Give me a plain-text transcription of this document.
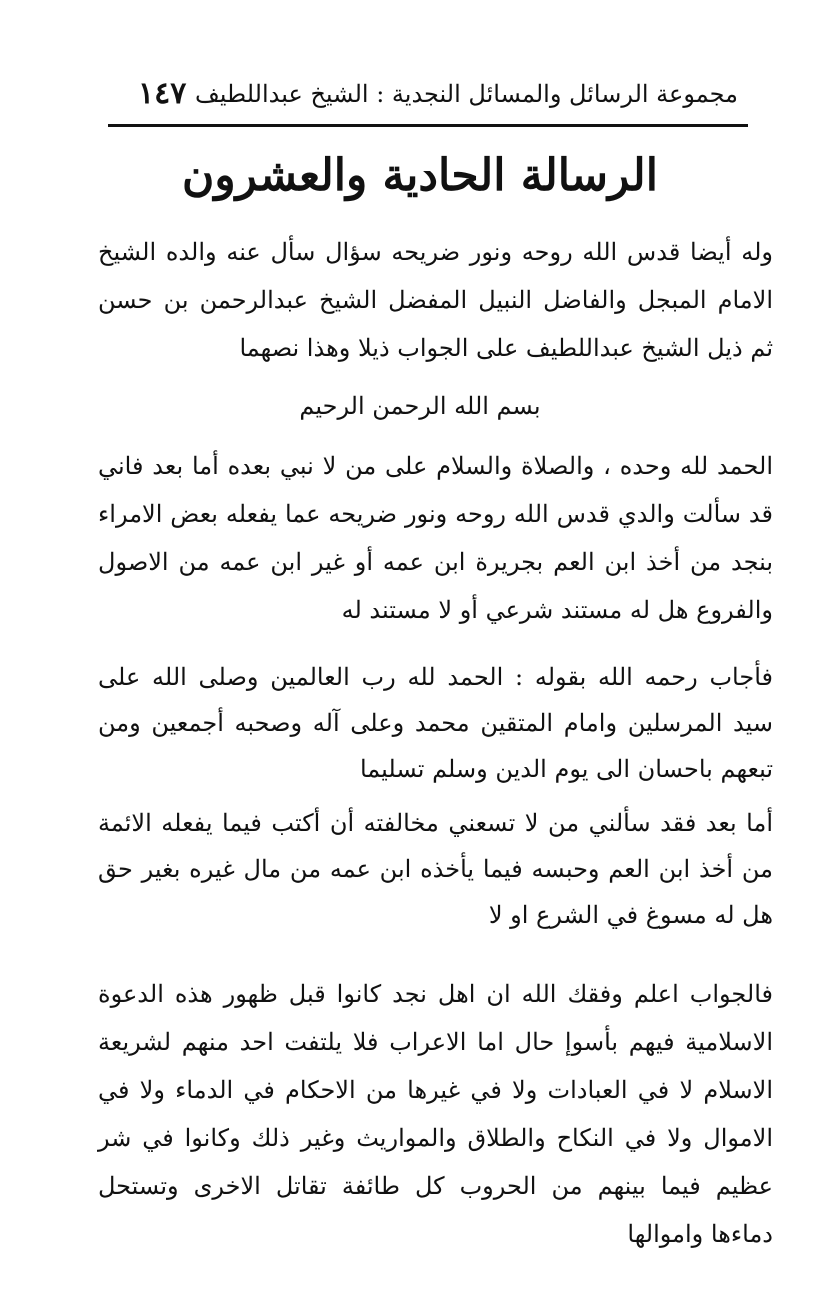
مجموعة الرسائل والمسائل النجدية : الشيخ عبداللطيف
١٤٧
الرسالة الحادية والعشرون
وله أيضا قدس الله روحه ونور ضريحه سؤال سأل عنه والده الشيخ الامام المبجل والفاضل النبيل المفضل الشيخ عبدالرحمن بن حسن ثم ذيل الشيخ عبداللطيف على الجواب ذيلا وهذا نصهما
بسم الله الرحمن الرحيم
الحمد لله وحده ، والصلاة والسلام على من لا نبي بعده أما بعد فاني قد سألت والدي قدس الله روحه ونور ضريحه عما يفعله بعض الامراء بنجد من أخذ ابن العم بجريرة ابن عمه أو غير ابن عمه من الاصول والفروع هل له مستند شرعي أو لا مستند له
فأجاب رحمه الله بقوله : الحمد لله رب العالمين وصلى الله على سيد المرسلين وامام المتقين محمد وعلى آله وصحبه أجمعين ومن تبعهم باحسان الى يوم الدين وسلم تسليما
أما بعد فقد سألني من لا تسعني مخالفته أن أكتب فيما يفعله الائمة من أخذ ابن العم وحبسه فيما يأخذه ابن عمه من مال غيره بغير حق هل له مسوغ في الشرع او لا
فالجواب اعلم وفقك الله ان اهل نجد كانوا قبل ظهور هذه الدعوة الاسلامية فيهم بأسوإ حال اما الاعراب فلا يلتفت احد منهم لشريعة الاسلام لا في العبادات ولا في غيرها من الاحكام في الدماء ولا في الاموال ولا في النكاح والطلاق والمواريث وغير ذلك وكانوا في شر عظيم فيما بينهم من الحروب كل طائفة تقاتل الاخرى وتستحل دماءها واموالها
